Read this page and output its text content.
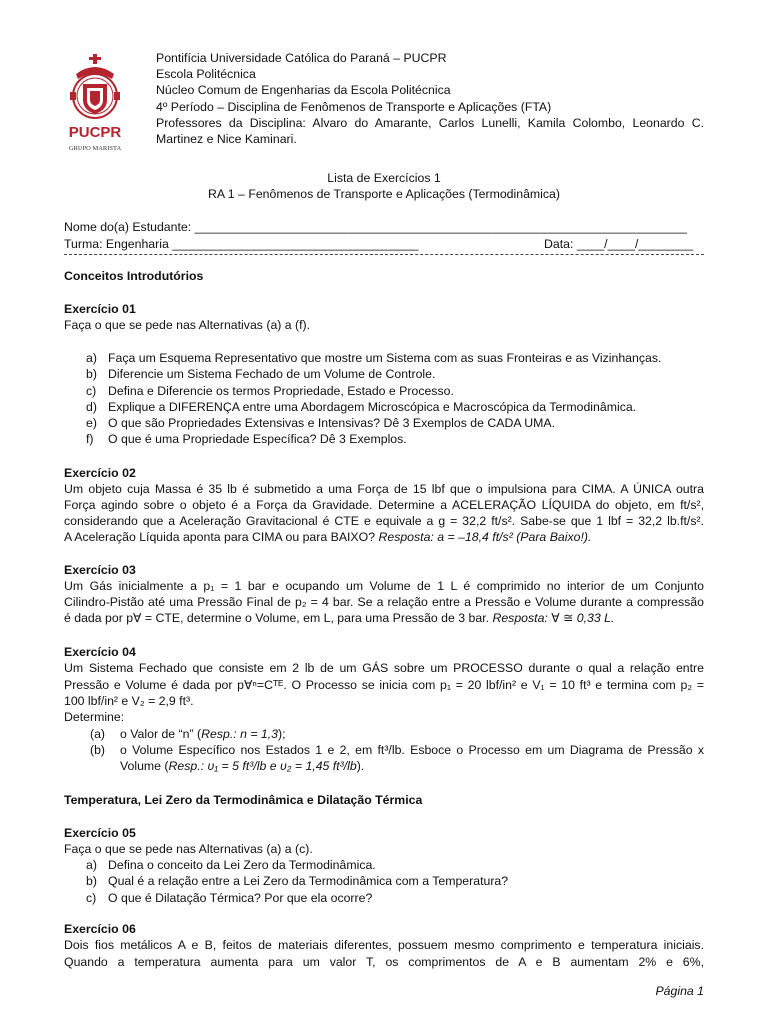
PUCPR
GRUPO MARISTA
Pontifícia Universidade Católica do Paraná – PUCPR
Escola Politécnica
Núcleo Comum de Engenharias da Escola Politécnica
4º Período – Disciplina de Fenômenos de Transporte e Aplicações (FTA)
Professores da Disciplina: Alvaro do Amarante, Carlos Lunelli, Kamila Colombo, Leonardo C.
Martinez e Nice Kaminari.
Lista de Exercícios 1
RA 1 – Fenômenos de Transporte e Aplicações (Termodinâmica)
Nome do(a) Estudante: ________________________________________________________________________
Turma: Engenharia ____________________________________	Data: ____/____/________
Conceitos Introdutórios
Exercício 01
Faça o que se pede nas Alternativas (a) a (f).
a) Faça um Esquema Representativo que mostre um Sistema com as suas Fronteiras e as Vizinhanças.
b) Diferencie um Sistema Fechado de um Volume de Controle.
c) Defina e Diferencie os termos Propriedade, Estado e Processo.
d) Explique a DIFERENÇA entre uma Abordagem Microscópica e Macroscópica da Termodinâmica.
e) O que são Propriedades Extensivas e Intensivas? Dê 3 Exemplos de CADA UMA.
f) O que é uma Propriedade Específica? Dê 3 Exemplos.
Exercício 02
Um objeto cuja Massa é 35 lb é submetido a uma Força de 15 lbf que o impulsiona para CIMA. A ÚNICA outra
Força agindo sobre o objeto é a Força da Gravidade. Determine a ACELERAÇÃO LÍQUIDA do objeto, em ft/s²,
considerando que a Aceleração Gravitacional é CTE e equivale a g = 32,2 ft/s². Sabe-se que 1 lbf = 32,2 lb.ft/s².
A Aceleração Líquida aponta para CIMA ou para BAIXO? Resposta: a = –18,4 ft/s² (Para Baixo!).
Exercício 03
Um Gás inicialmente a p₁ = 1 bar e ocupando um Volume de 1 L é comprimido no interior de um Conjunto
Cilindro-Pistão até uma Pressão Final de p₂ = 4 bar. Se a relação entre a Pressão e Volume durante a compressão
é dada por p∀ = CTE, determine o Volume, em L, para uma Pressão de 3 bar. Resposta: ∀ ≅ 0,33 L.
Exercício 04
Um Sistema Fechado que consiste em 2 lb de um GÁS sobre um PROCESSO durante o qual a relação entre
Pressão e Volume é dada por p∀ⁿ=Cᵀᴱ. O Processo se inicia com p₁ = 20 lbf/in² e V₁ = 10 ft³ e termina com p₂ =
100 lbf/in² e V₂ = 2,9 ft³.
Determine:
(a) o Valor de “n” (Resp.: n = 1,3);
o Volume Específico nos Estados 1 e 2, em ft³/lb. Esboce o Processo em um Diagrama de Pressão x
(b)
Volume (Resp.: υ₁ = 5 ft³/lb e υ₂ = 1,45 ft³/lb).
Temperatura, Lei Zero da Termodinâmica e Dilatação Térmica
Exercício 05
Faça o que se pede nas Alternativas (a) a (c).
a) Defina o conceito da Lei Zero da Termodinâmica.
b) Qual é a relação entre a Lei Zero da Termodinâmica com a Temperatura?
c) O que é Dilatação Térmica? Por que ela ocorre?
Exercício 06
Dois fios metálicos A e B, feitos de materiais diferentes, possuem mesmo comprimento e temperatura iniciais.
Quando a temperatura aumenta para um valor T, os comprimentos de A e B aumentam 2% e 6%,
Página 1
